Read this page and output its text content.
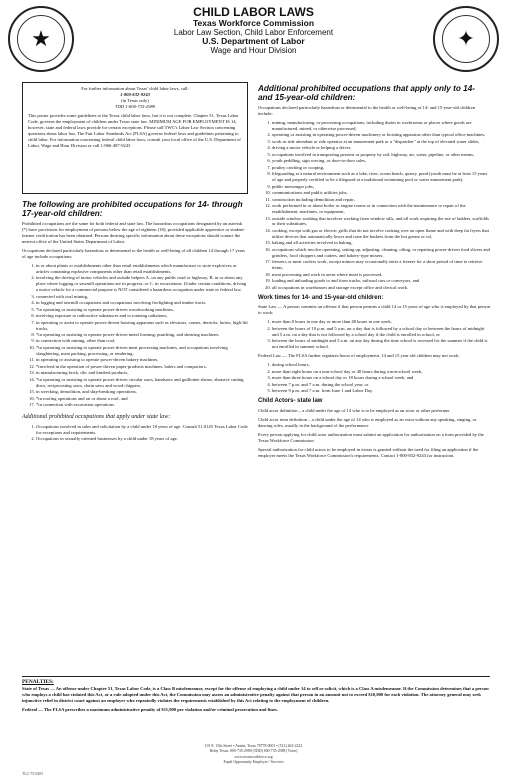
★	✦
CHILD LABOR LAWS
Texas Workforce Commission
Labor Law Section, Child Labor Enforcement
U.S. Department of Labor
Wage and Hour Division
For further information about Texas' child labor laws, call:
1-800-832-9243
(in Texas only)
TDD 1-800-735-2989

This poster provides some guidelines to the Texas child labor laws, but it is not complete. Chapter 51, Texas Labor Code, governs the employment of children under Texas state law. MINIMUM AGE FOR EMPLOYMENT IS 14, however, state and federal laws provide for certain exceptions. Please call TWC's Labor Law Section concerning questions about labor law. The Fair Labor Standards Act (FLSA) governs federal laws and guidelines pertaining to child labor. For information concerning federal child labor laws, consult your local office of the U.S. Department of Labor, Wage and Hour Division or call 1-866-487-9243

The following are prohibited occupations for 14- through 17-year-old children:

Prohibited occupations are the same for both federal and state law. The hazardous occupations designated by an asterisk (*) have provisions for employment of persons below the age of eighteen (18), provided applicable apprentice or student-learner certification has been obtained. Persons desiring specific information about these exceptions should contact the nearest office of the United States Department of Labor.

Occupations declared particularly hazardous or detrimental to the health or well-being of all children 14 through 17 years of age include occupations:

1. in or about plants or establishments other than retail establishments which manufacture or store explosives or articles containing explosive components other than retail establishments,
2. involving the driving of motor vehicles and outside helpers A. on any public road or highway, B. in or about any place where logging or sawmill operations are in progress, or C. in excavations. (Under certain conditions, driving a motor vehicle for a commercial purpose is NOT considered a hazardous occupation under state or federal law,
3. connected with coal mining,
4. in logging and sawmill occupations and occupations involving firefighting and timber tracts,
5. *in operating or assisting to operate power-driven woodworking machines,
6. involving exposure to radioactive substances and to ionizing radiations,
7. in operating or assist to operate power-driven hoisting apparatus such as elevators, cranes, derricks, hoists, high-lift trucks,
8. *in operating or assisting to operate power-driven metal forming, punching, and shearing machines,
9. in connection with mining, other than coal,
10. *in operating or assisting to operate power-driven meat processing machines, and occupations involving slaughtering, meat packing, processing, or rendering,
11. in operating or assisting to operate power-driven bakery machines,
12. *involved in the operation of power-driven paper-products machines, balers and compactors,
13. in manufacturing brick, tile, and kindred products,
14. *in operating or assisting to operate power-driven circular saws, bandsaws and guillotine shears, abrasive cutting discs, reciprocating saws, chain saws and wood chippers,
15. in wrecking, demolition, and ship-breaking operations,
16. *in roofing operations and on or about a roof, and
17. *in connection with excavation operations.
Additional prohibited occupations that apply under state law:
1. Occupations involved in sales and solicitation by a child under 18 years of age. Consult 51.0145 Texas Labor Code for exceptions and requirements.
2. Occupations in sexually oriented businesses by a child under 18 years of age.
Additional prohibited occupations that apply only to 14- and 15-year-old children:

Occupations declared particularly hazardous or detrimental to the health or well-being of 14- and 15-year-old children include:

1. mining, manufacturing, or processing occupations, including duties in workrooms or places where goods are manufactured, mined, or otherwise processed,
2. operating or assisting in operating power-driven machinery or hoisting apparatus other than typical office machines,
3. work as ride attendant or ride operator at an amusement park or a "dispatcher" at the top of elevated water slides,
4. driving a motor vehicle or helping a driver,
5. occupations involved in transporting persons or property by rail, highway, air, water, pipeline, or other means,
6. youth peddling, sign waving, or door-to-door sales,
7. poultry catching or cooping,
8. lifeguarding at a natural environment such as a lake, river, ocean beach, quarry, pond (youth must be at least 15 years of age and properly certified to be a lifeguard at a traditional swimming pool or water amusement park),
9. public messenger jobs,
10. communications and public utilities jobs,
11. construction including demolition and repair,
12. work performed in or about boiler or engine rooms or in connection with the maintenance or repair of the establishment, machines, or equipment,
13. outside window washing that involves working from window sills, and all work requiring the use of ladders, scaffolds or their substitutes,
14. cooking, except with gas or electric grills that do not involve cooking over an open flame and with deep fat fryers that utilize devices that automatically lower and raise the baskets from the hot grease or oil,
15. baking and all activities involved in baking,
16. occupations which involve operating, setting up, adjusting, cleaning, oiling, or repairing power-driven food slicers and grinders, food choppers and cutters, and bakery-type mixers,
17. freezers or meat coolers work, except minors may occasionally enter a freezer for a short period of time to retrieve items,
18. meat processing and work in areas where meat is processed,
19. loading and unloading goods to and from trucks, railroad cars or conveyors, and
20. all occupations in warehouses and storage except office and clerical work.
Work times for 14- and 15-year-old children:

State Law — A person commits an offense if that person permits a child 14 or 15 years of age who is employed by that person to work:

1. more than 8 hours in one day or more than 48 hours in one week,
2. between the hours of 10 p.m. and 5 a.m. on a day that is followed by a school day or between the hours of midnight and 5 a.m. on a day that is not followed by a school day if the child is enrolled in school, or
3. between the hours of midnight and 5 a.m. on any day during the time school is recessed for the summer if the child is not enrolled in summer school.

Federal Law — The FLSA further regulates hours of employment. 14 and 15 year old children may not work:

1. during school hours,
2. more than eight hours on a non-school day or 40 hours during a non-school week,
3. more than three hours on a school day or 18 hours during a school week, and
4. between 7 p.m. and 7 a.m. during the school year, or
5. between 9 p.m. and 7 a.m. from June 1 and Labor Day.
Child Actors- state law

Child actor definition – a child under the age of 14 who is to be employed as an actor or other performer

Child actor term definition – a child under the age of 14 who is employed as an extra without any speaking, singing, or dancing roles, usually in the background of the performance

Every person applying for child actor authorization must submit an application for authorization on a form provided by the Texas Workforce Commission

Special authorization for child actors to be employed in extras is granted without the need for filing an application if the employer meets the Texas Workforce Commission's requirements. Contact 1-800-832-9243 for instruction.

PENALTIES:

State of Texas — An offense under Chapter 51, Texas Labor Code, is a Class B misdemeanor, except for the offense of employing a child under 14 to sell or solicit, which is a Class A misdemeanor. If the Commission determines that a person who employs a child has violated this Act, or a rule adopted under this Act, the Commission may assess an administrative penalty against that person in an amount not to exceed $10,000 for each violation. The attorney general may seek injunctive relief in district court against an employer who repeatedly violates the requirements established by this Act relating to the employment of children.

Federal — The FLSA prescribes a maximum administrative penalty of $11,000 per violation and/or criminal prosecution and fines.

101 E. 15th Street • Austin, Texas 78778-0001 • (512) 463-2222
Relay Texas: 800-735-2989 (TDD) 800-735-2988 (Voice)
www.texasworkforce.org
Equal Opportunity Employer / Services
TLC-75-0205
